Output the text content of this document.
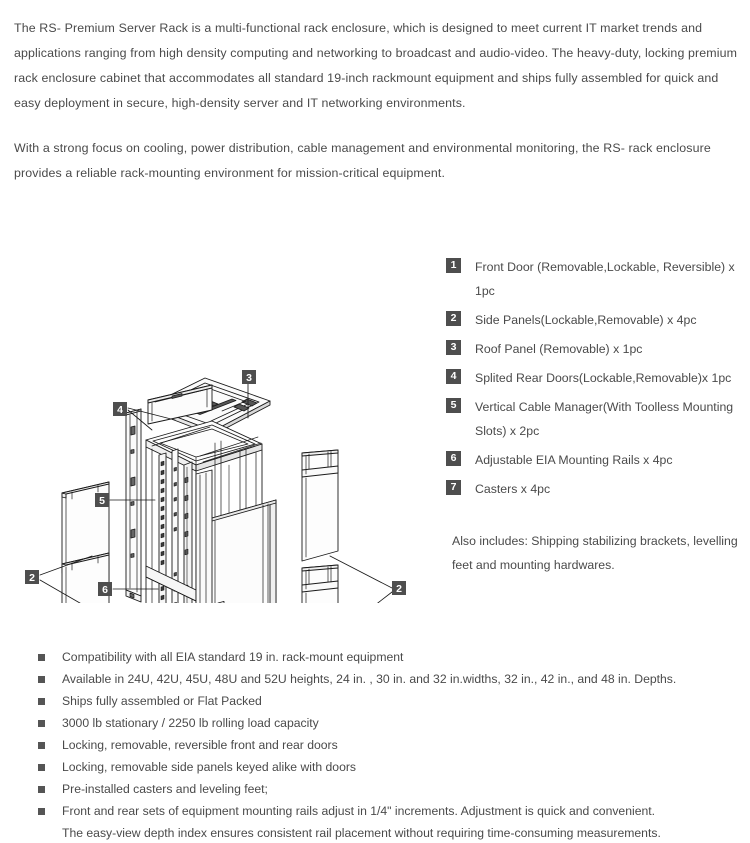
The RS- Premium Server Rack is a multi-functional rack enclosure, which is designed to meet current IT market trends and applications ranging from high density computing and networking to broadcast and audio-video. The heavy-duty, locking premium rack enclosure cabinet that accommodates all standard 19-inch rackmount equipment and ships fully assembled for quick and easy deployment in secure, high-density server and IT networking environments.

With a strong focus on cooling, power distribution, cable management and environmental monitoring, the RS- rack enclosure provides a reliable rack-mounting environment for mission-critical equipment.

3
4
5
6
2
2
1	Front Door (Removable,Lockable, Reversible) x 1pc
2	Side Panels(Lockable,Removable) x 4pc
3	Roof Panel (Removable) x 1pc
4	Splited Rear Doors(Lockable,Removable)x 1pc
5	Vertical Cable Manager(With Toolless Mounting Slots) x 2pc
6	Adjustable EIA Mounting Rails x 4pc
7	Casters x 4pc
Also includes: Shipping stabilizing brackets, levelling feet and mounting hardwares.
Compatibility with all EIA standard 19 in. rack-mount equipment
Available in 24U, 42U, 45U, 48U and 52U heights, 24 in. , 30 in. and 32 in.widths, 32 in., 42 in., and 48 in. Depths.
Ships fully assembled or Flat Packed
3000 lb stationary / 2250 lb rolling load capacity
Locking, removable, reversible front and rear doors
Locking, removable side panels keyed alike with doors
Pre-installed casters and leveling feet;
Front and rear sets of equipment mounting rails adjust in 1/4" increments. Adjustment is quick and convenient.
The easy-view depth index ensures consistent rail placement without requiring time-consuming measurements.
